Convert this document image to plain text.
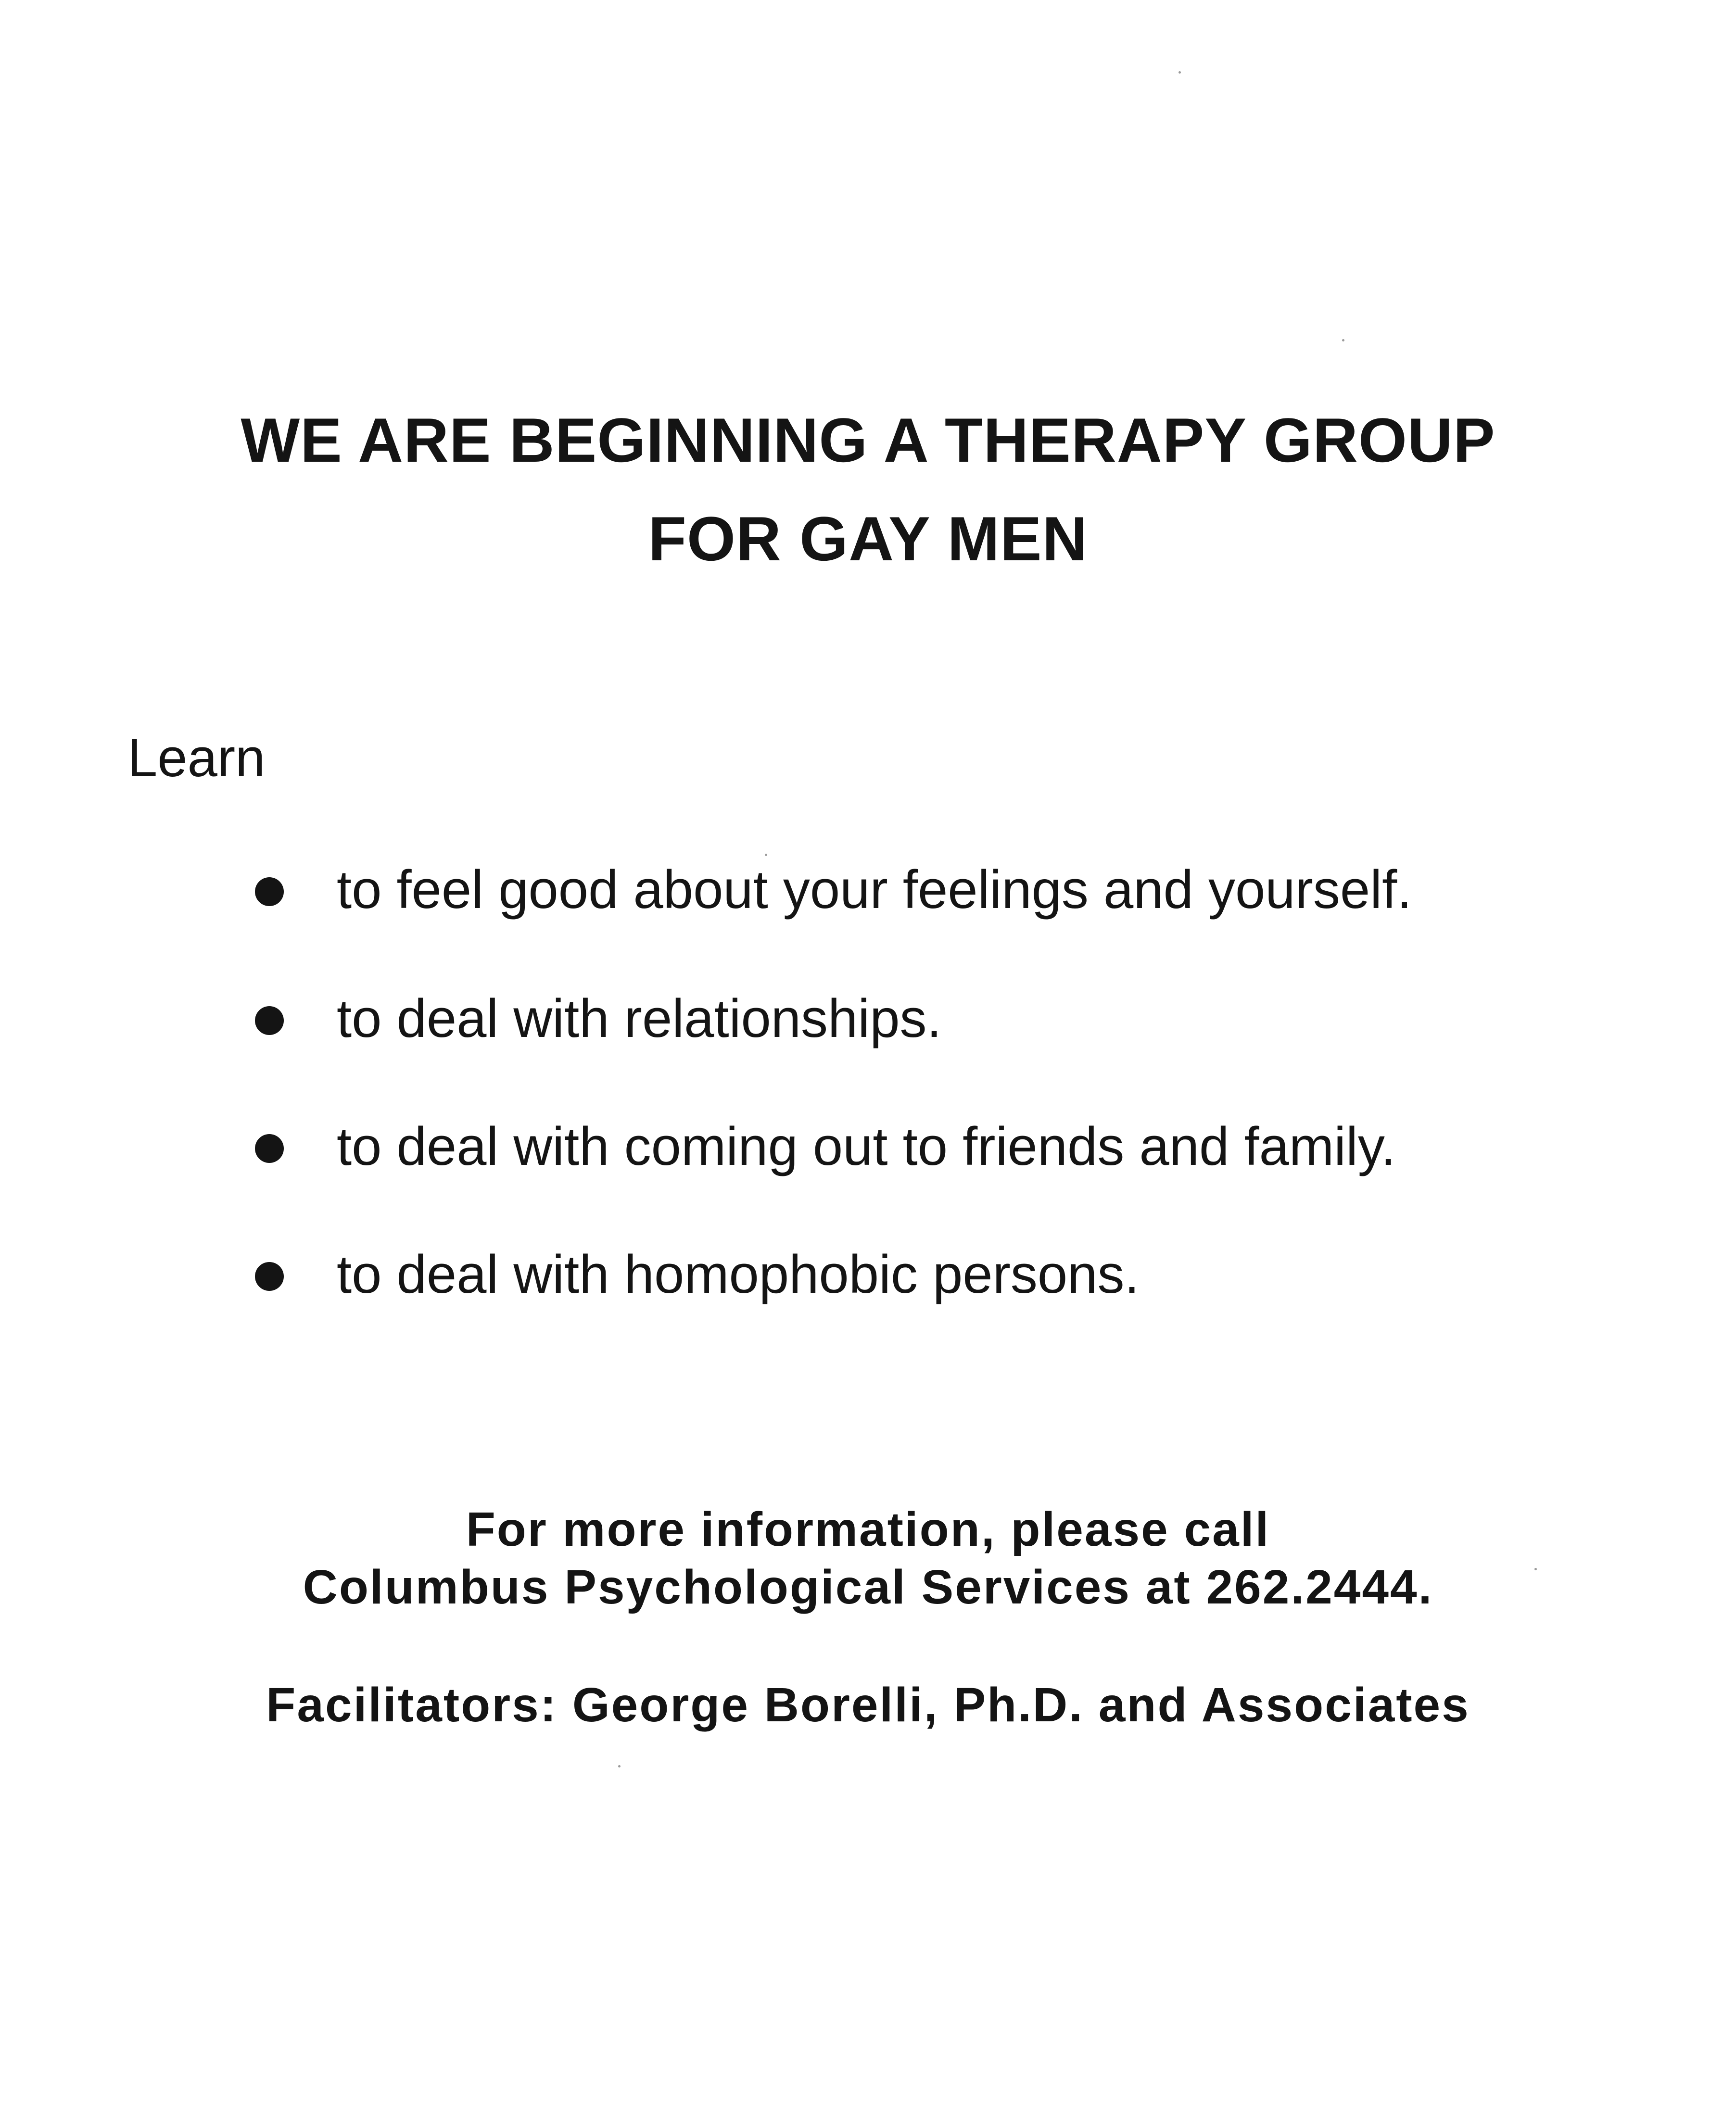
WE ARE BEGINNING A THERAPY GROUP
FOR GAY MEN
Learn
to feel good about your feelings and yourself.
to deal with relationships.
to deal with coming out to friends and family.
to deal with homophobic persons.
For more information, please call
Columbus Psychological Services at 262.2444.
Facilitators: George Borelli, Ph.D. and Associates
